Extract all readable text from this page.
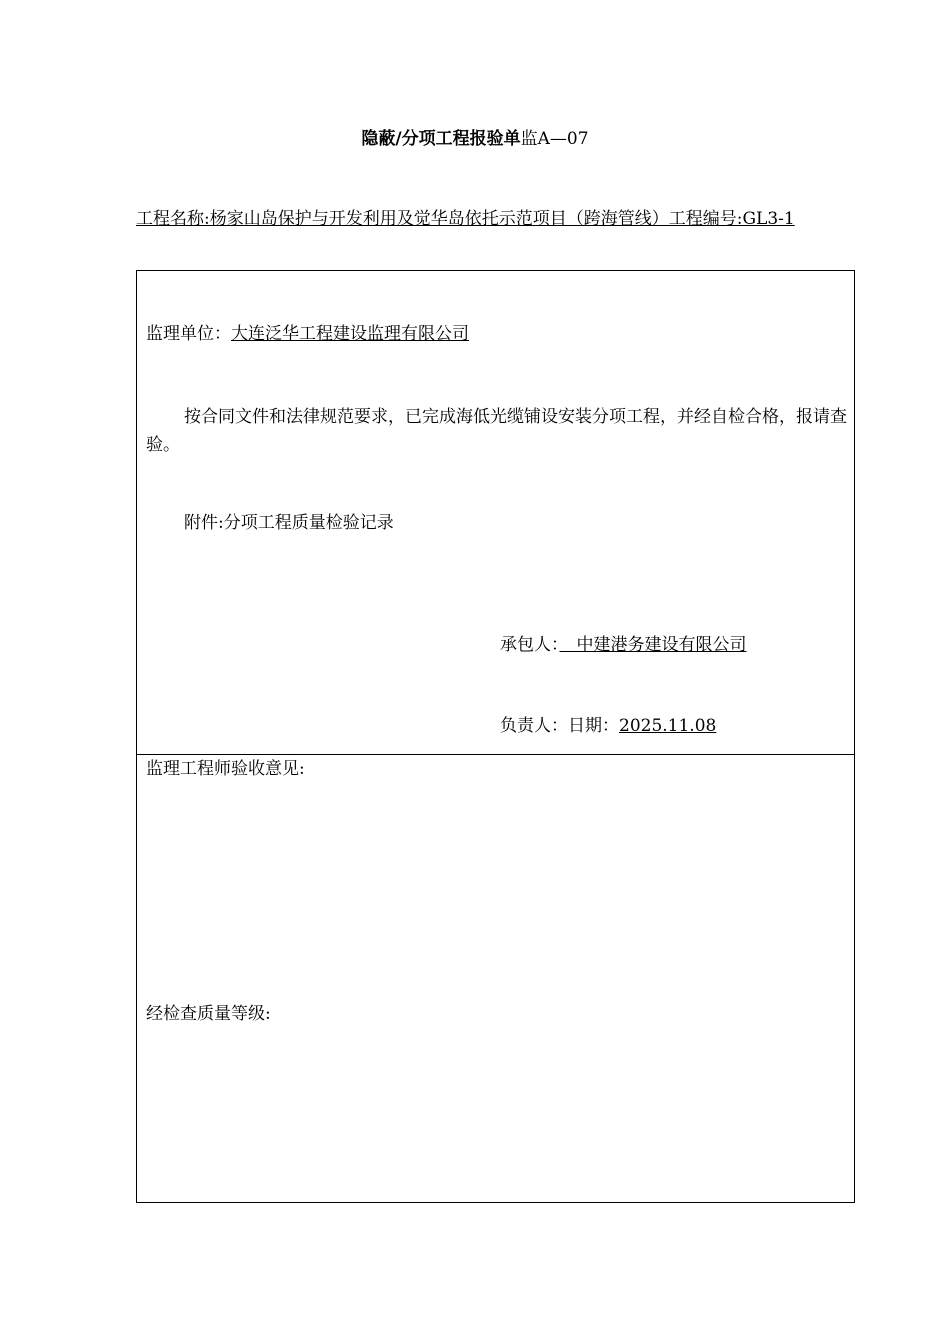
隐蔽/分项工程报验单监A—07
工程名称:杨家山岛保护与开发利用及觉华岛依托示范项目（跨海管线）工程编号:GL3-1
监理单位：大连泛华工程建设监理有限公司
按合同文件和法律规范要求，已完成海低光缆铺设安装分项工程，并经自检合格，报请查验。
附件:分项工程质量检验记录
承包人：　中建港务建设有限公司
负责人：日期：2025.11.08
监理工程师验收意见:
经检查质量等级:
